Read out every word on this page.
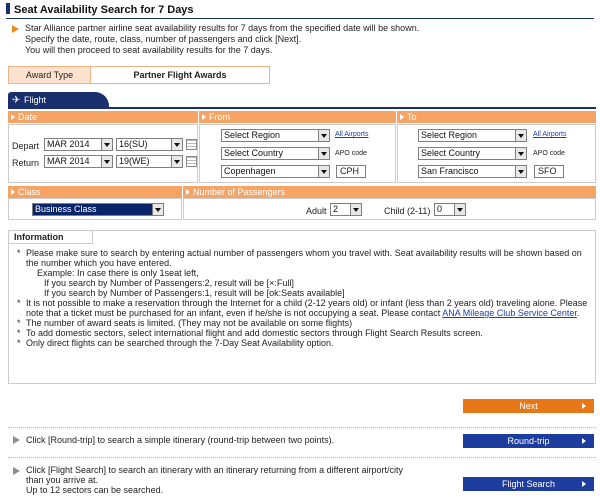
Seat Availability Search for 7 Days
Star Alliance partner airline seat availability results for 7 days from the specified date will be shown.
Specify the date, route, class, number of passengers and click [Next].
You will then proceed to seat availability results for the 7 days.
Award Type	Partner Flight Awards
✈ Flight
Date	From	To
Depart MAR 2014	16(SU)
Return MAR 2014	19(WE)
Select Region	All Airports
Select Country	APO code
Copenhagen	CPH
Select Region	All Airports
Select Country	APO code
San Francisco	SFO
Class	Number of Passengers
Business Class	Adult 2	Child (2-11) 0
Information

* Please make sure to search by entering actual number of passengers whom you travel with. Seat availability results will be shown based on the number which you have entered.

Example: In case there is only 1seat left,

If you search by Number of Passengers:2, result will be [×:Full]

If you search by Number of Passengers:1, result will be [ok:Seats available]

* It is not possible to make a reservation through the Internet for a child (2-12 years old) or infant (less than 2 years old) traveling alone. Please note that a ticket must be purchased for an infant, even if he/she is not occupying a seat. Please contact ANA Mileage Club Service Center.

* The number of award seats is limited. (They may not be available on some flights)

* To add domestic sectors, select international flight and add domestic sectors through Flight Search Results screen.

* Only direct flights can be searched through the 7-Day Seat Availability option.

Next
Click [Round-trip] to search a simple itinerary (round-trip between two points).	Round-trip
Click [Flight Search] to search an itinerary with an itinerary returning from a different airport/city
than you arrive at.
Up to 12 sectors can be searched.
Flight Search
